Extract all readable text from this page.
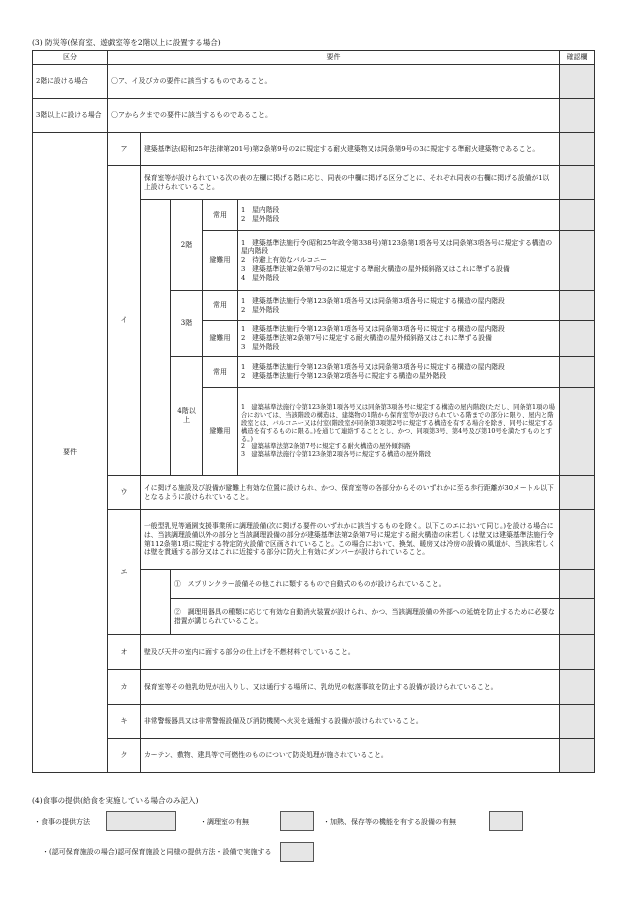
(3) 防災等(保育室、遊戯室等を2階以上に設置する場合)
区分	要件					確認欄
2階に設ける場合	〇ア、イ及びカの要件に該当するものであること。					
3階以上に設ける場合	〇アからクまでの要件に該当するものであること。					
要件	ア	建築基準法(昭和25年法律第201号)第2条第9号の2に規定する耐火建築物又は同条第9号の3に規定する準耐火建築物であること。				
	イ	保育室等が設けられている次の表の左欄に掲げる階に応じ、同表の中欄に掲げる区分ごとに、それぞれ同表の右欄に掲げる設備が1以上設けられていること。				
			2階	常用	1　屋内階段
2　屋外階段	

				避難用	1　建築基準法施行令(昭和25年政令第338号)第123条第1項各号又は同条第3項各号に規定する構造の屋内階段
2　待避上有効なバルコニー
3　建築基準法第2条第7号の2に規定する準耐火構造の屋外傾斜路又はこれに準ずる設備
4　屋外階段	

			3階	常用	1　建築基準法施行令第123条第1項各号又は同条第3項各号に規定する構造の屋内階段
2　屋外階段	

				避難用	1　建築基準法施行令第123条第1項各号又は同条第3項各号に規定する構造の屋内階段
2　建築基準法第2条第7号に規定する耐火構造の屋外傾斜路又はこれに準ずる設備
3　屋外階段	

			4階以上	常用	1　建築基準法施行令第123条第1項各号又は同条第3項各号に規定する構造の屋内階段
2　建築基準法施行令第123条第2項各号に規定する構造の屋外階段	

				避難用	1　建築基準法施行令第123条第1項各号又は同条第3項各号に規定する構造の屋内階段(ただし、同条第1項の場合においては、当該階段の構造は、建築物の1階から保育室等が設けられている階までの部分に限り、屋内と階段室とは、バルコニー又は付室(階段室が同条第3項第2号に規定する構造を有する場合を除き、同号に規定する構造を有するものに限る。)を通じて連絡することとし、かつ、同項第3号、第4号及び第10号を満たすものとする。)
2　建築基準法第2条第7号に規定する耐火構造の屋外傾斜路
3　建築基準法施行令第123条第2項各号に規定する構造の屋外階段	

	ウ	イに掲げる施設及び設備が避難上有効な位置に設けられ、かつ、保育室等の各部分からそのいずれかに至る歩行距離が30メートル以下となるように設けられていること。				
	エ	一般型乳児等通園支援事業所に調理設備(次に掲げる要件のいずれかに該当するものを除く。以下このエにおいて同じ。)を設ける場合には、当該調理設備以外の部分と当該調理設備の部分が建築基準法第2条第7号に規定する耐火構造の床若しくは壁又は建築基準法施行令第112条第1項に規定する特定防火設備で区画されていること。この場合において、換気、暖房又は冷房の設備の風道が、当該床若しくは壁を貫通する部分又はこれに近接する部分に防火上有効にダンパーが設けられていること。				
			①　 スプリンクラー設備その他これに類するもので自動式のものが設けられていること。			
			②　 調理用器具の種類に応じて有効な自動消火装置が設けられ、かつ、当該調理設備の外部への延焼を防止するために必要な措置が講じられていること。			
	オ	壁及び天井の室内に面する部分の仕上げを不燃材料でしていること。				
	カ	保育室等その他乳幼児が出入りし、又は通行する場所に、乳幼児の転落事故を防止する設備が設けられていること。				
	キ	非常警報器具又は非常警報設備及び消防機関へ火災を通報する設備が設けられていること。				
	ク	カーテン、敷物、建具等で可燃性のものについて防炎処理が施されていること。				
(4)食事の提供(給食を実施している場合のみ記入)
・食事の提供方法	・調理室の有無	・加熱、保存等の機能を有する設備の有無
・(認可保育施設の場合)認可保育施設と同様の提供方法・設備で実施する
